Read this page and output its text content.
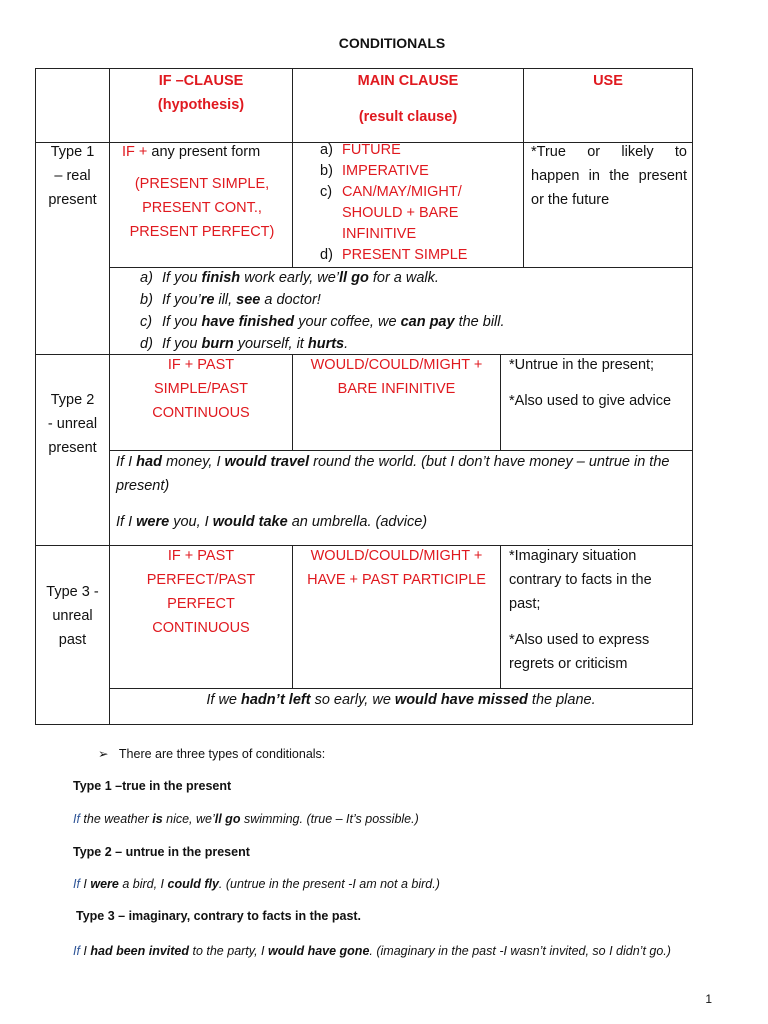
CONDITIONALS
IF –CLAUSE
(hypothesis)
MAIN CLAUSE
(result clause)
USE
Type 1
– real
present
IF + any present form
(PRESENT SIMPLE,
PRESENT CONT.,
PRESENT PERFECT)
a) FUTURE
b) IMPERATIVE
c) CAN/MAY/MIGHT/
SHOULD + BARE
INFINITIVE
d) PRESENT SIMPLE
*True or likely to happen in the present or the future
a) If you finish work early, we’ll go for a walk.
b) If you’re ill, see a doctor!
c) If you have finished your coffee, we can pay the bill.
d) If you burn yourself, it hurts.
Type 2
- unreal
present
IF + PAST
SIMPLE/PAST
CONTINUOUS
WOULD/COULD/MIGHT +
BARE INFINITIVE
*Untrue in the present;
*Also used to give advice
If I had money, I would travel round the world. (but I don’t have money – untrue in the present)
If I were you, I would take an umbrella. (advice)
Type 3 -
unreal
past
IF + PAST
PERFECT/PAST
PERFECT
CONTINUOUS
WOULD/COULD/MIGHT +
HAVE + PAST PARTICIPLE
*Imaginary situation contrary to facts in the past;
*Also used to express regrets or criticism
If we hadn’t left so early, we would have missed the plane.
➢ There are three types of conditionals:
Type 1 –true in the present
If the weather is nice, we’ll go swimming. (true – It’s possible.)
Type 2 – untrue in the present
If I were a bird, I could fly. (untrue in the present -I am not a bird.)
Type 3 – imaginary, contrary to facts in the past.
If I had been invited to the party, I would have gone. (imaginary in the past -I wasn’t invited, so I didn’t go.)
1
